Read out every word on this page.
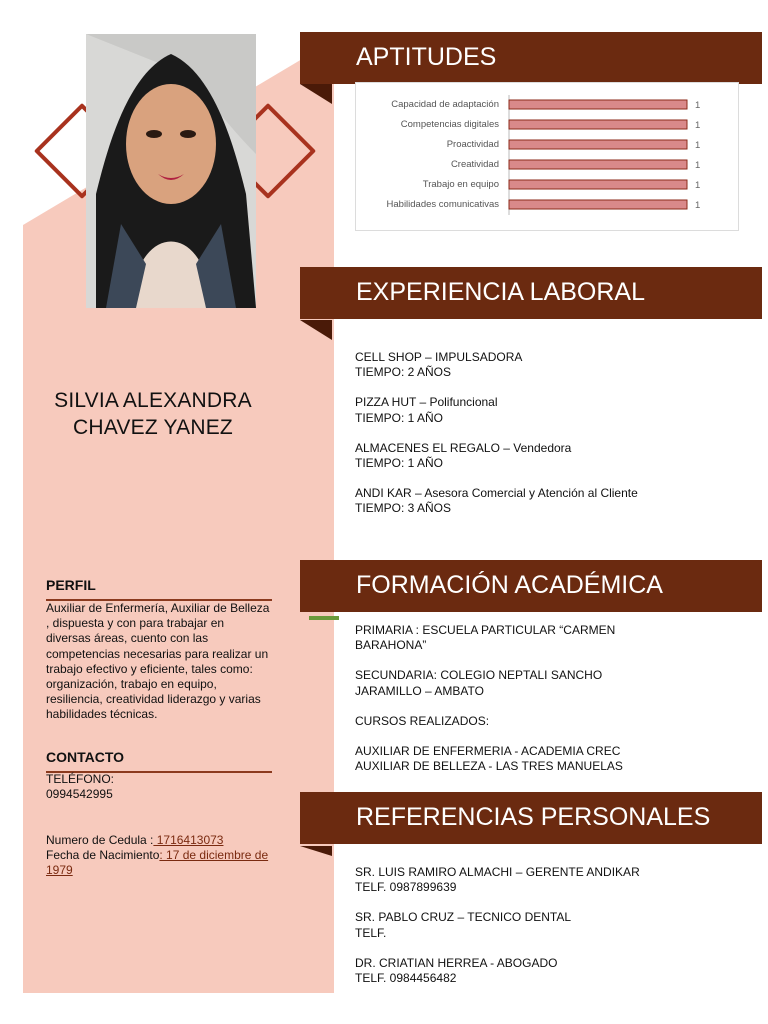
SILVIA ALEXANDRA
CHAVEZ YANEZ
PERFIL
Auxiliar de Enfermería, Auxiliar de Belleza , dispuesta y con para trabajar en diversas áreas, cuento con las competencias necesarias para realizar un trabajo efectivo y eficiente, tales como: organización, trabajo en equipo, resiliencia, creatividad liderazgo y varias habilidades técnicas.
CONTACTO
TELÉFONO:
0994542995
Numero de Cedula : 1716413073
Fecha de Nacimiento: 17 de diciembre de 1979
APTITUDES
Capacidad de adaptación	1
Competencias digitales	1
Proactividad	1
Creatividad	1
Trabajo en equipo	1
Habilidades comunicativas	1
EXPERIENCIA LABORAL

CELL SHOP – IMPULSADORA
TIEMPO: 2 AÑOS

PIZZA HUT – Polifuncional
TIEMPO: 1 AÑO

ALMACENES EL REGALO – Vendedora
TIEMPO: 1 AÑO

ANDI KAR – Asesora Comercial y Atención al Cliente
TIEMPO: 3 AÑOS

FORMACIÓN ACADÉMICA

PRIMARIA : ESCUELA PARTICULAR “CARMEN BARAHONA”

SECUNDARIA: COLEGIO NEPTALI SANCHO JARAMILLO – AMBATO

CURSOS REALIZADOS:

AUXILIAR DE ENFERMERIA - ACADEMIA CREC
AUXILIAR DE BELLEZA - LAS TRES MANUELAS

REFERENCIAS PERSONALES

SR. LUIS RAMIRO ALMACHI – GERENTE ANDIKAR
TELF. 0987899639

SR. PABLO CRUZ – TECNICO DENTAL
TELF.

DR. CRIATIAN HERREA - ABOGADO
TELF. 0984456482
